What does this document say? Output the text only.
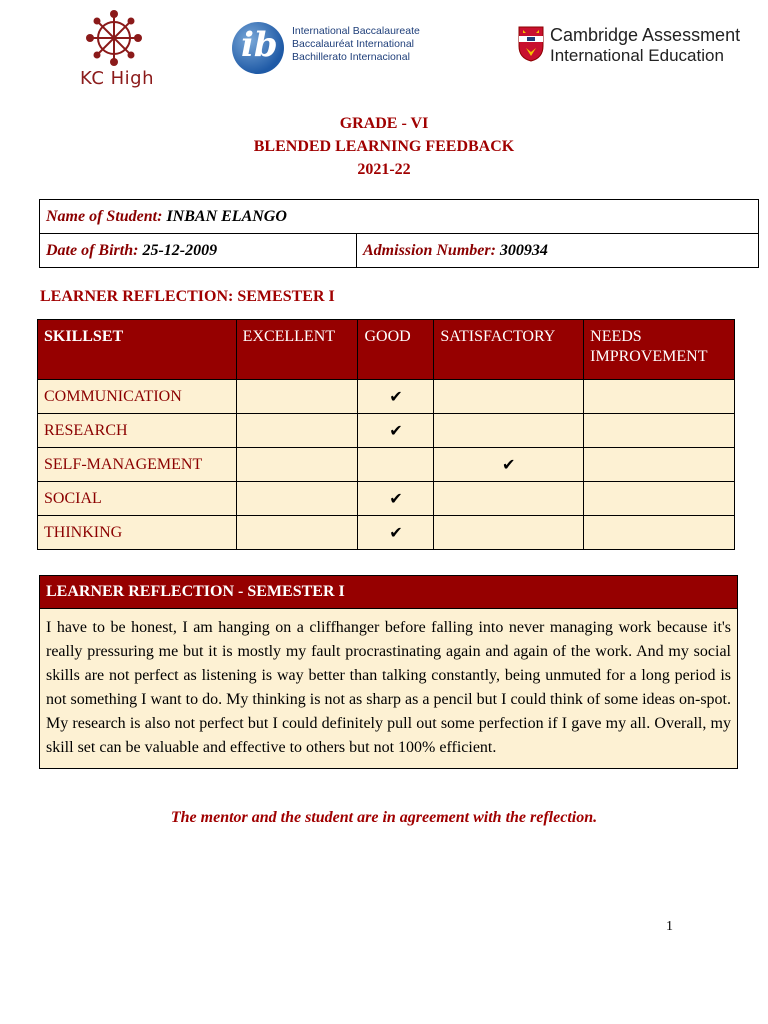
KC High
ib International Baccalaureate
Baccalauréat International
Bachillerato Internacional
Cambridge Assessment
International Education
GRADE - VI
BLENDED LEARNING FEEDBACK
2021-22
Name of Student: INBAN ELANGO
Date of Birth: 25-12-2009	Admission Number: 300934
LEARNER REFLECTION: SEMESTER I
SKILLSET	EXCELLENT	GOOD	SATISFACTORY	NEEDS IMPROVEMENT
COMMUNICATION		✔		
RESEARCH		✔		
SELF-MANAGEMENT			✔	
SOCIAL		✔		
THINKING		✔		
LEARNER REFLECTION - SEMESTER I
I have to be honest, I am hanging on a cliffhanger before falling into never managing work because it's really pressuring me but it is mostly my fault procrastinating again and again of the work. And my social skills are not perfect as listening is way better than talking constantly, being unmuted for a long period is not something I want to do. My thinking is not as sharp as a pencil but I could think of some ideas on-spot. My research is also not perfect but I could definitely pull out some perfection if I gave my all. Overall, my skill set can be valuable and effective to others but not 100% efficient.
The mentor and the student are in agreement with the reflection.
1
